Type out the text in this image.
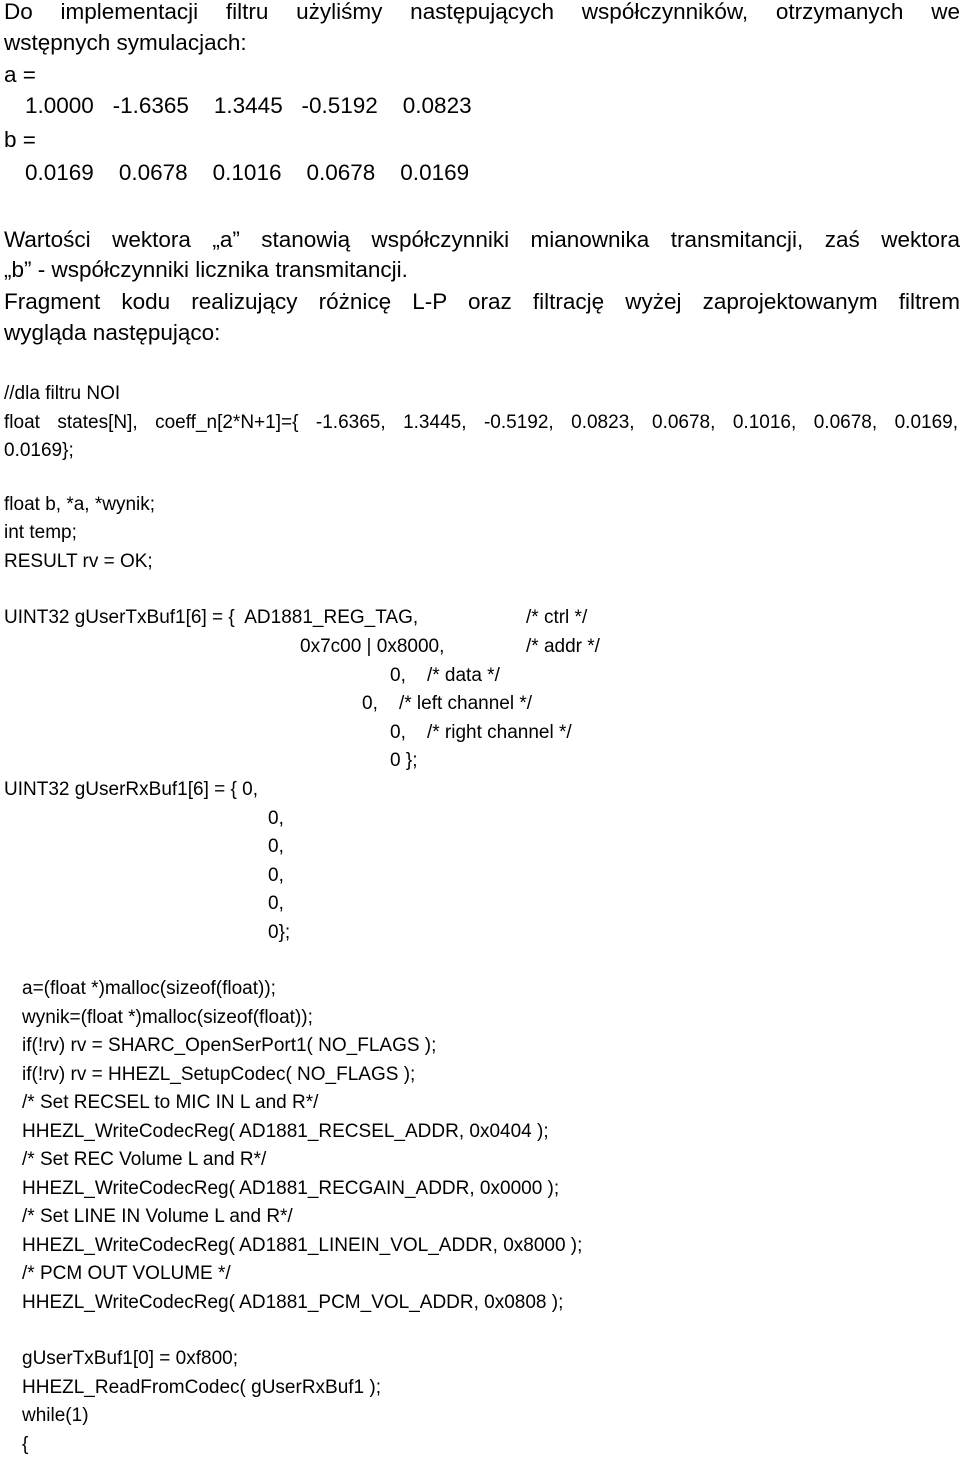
Do implementacji filtru użyliśmy następujących współczynników, otrzymanych we
wstępnych symulacjach:
a =
1.0000   -1.6365    1.3445   -0.5192    0.0823
b =
0.0169    0.0678    0.1016    0.0678    0.0169
Wartości wektora „a” stanowią współczynniki mianownika transmitancji, zaś wektora
„b” - współczynniki licznika transmitancji.
Fragment kodu realizujący różnicę L-P oraz filtrację wyżej zaprojektowanym filtrem
wygląda następująco:
//dla filtru NOI
float states[N], coeff_n[2*N+1]={ -1.6365, 1.3445, -0.5192, 0.0823, 0.0678, 0.1016, 0.0678, 0.0169,
0.0169};
float b, *a, *wynik;
int temp;
RESULT rv = OK;
UINT32 gUserTxBuf1[6] = {  AD1881_REG_TAG,	/* ctrl */
0x7c00 | 0x8000,	/* addr */
0,    /* data */
0,    /* left channel */
0,    /* right channel */
0 };
UINT32 gUserRxBuf1[6] = { 0,
0,
0,
0,
0,
0};
a=(float *)malloc(sizeof(float));
wynik=(float *)malloc(sizeof(float));
if(!rv) rv = SHARC_OpenSerPort1( NO_FLAGS );
if(!rv) rv = HHEZL_SetupCodec( NO_FLAGS );
/* Set RECSEL to MIC IN L and R*/
HHEZL_WriteCodecReg( AD1881_RECSEL_ADDR, 0x0404 );
/* Set REC Volume L and R*/
HHEZL_WriteCodecReg( AD1881_RECGAIN_ADDR, 0x0000 );
/* Set LINE IN Volume L and R*/
HHEZL_WriteCodecReg( AD1881_LINEIN_VOL_ADDR, 0x8000 );
/* PCM OUT VOLUME */
HHEZL_WriteCodecReg( AD1881_PCM_VOL_ADDR, 0x0808 );
gUserTxBuf1[0] = 0xf800;
HHEZL_ReadFromCodec( gUserRxBuf1 );
while(1)
{
